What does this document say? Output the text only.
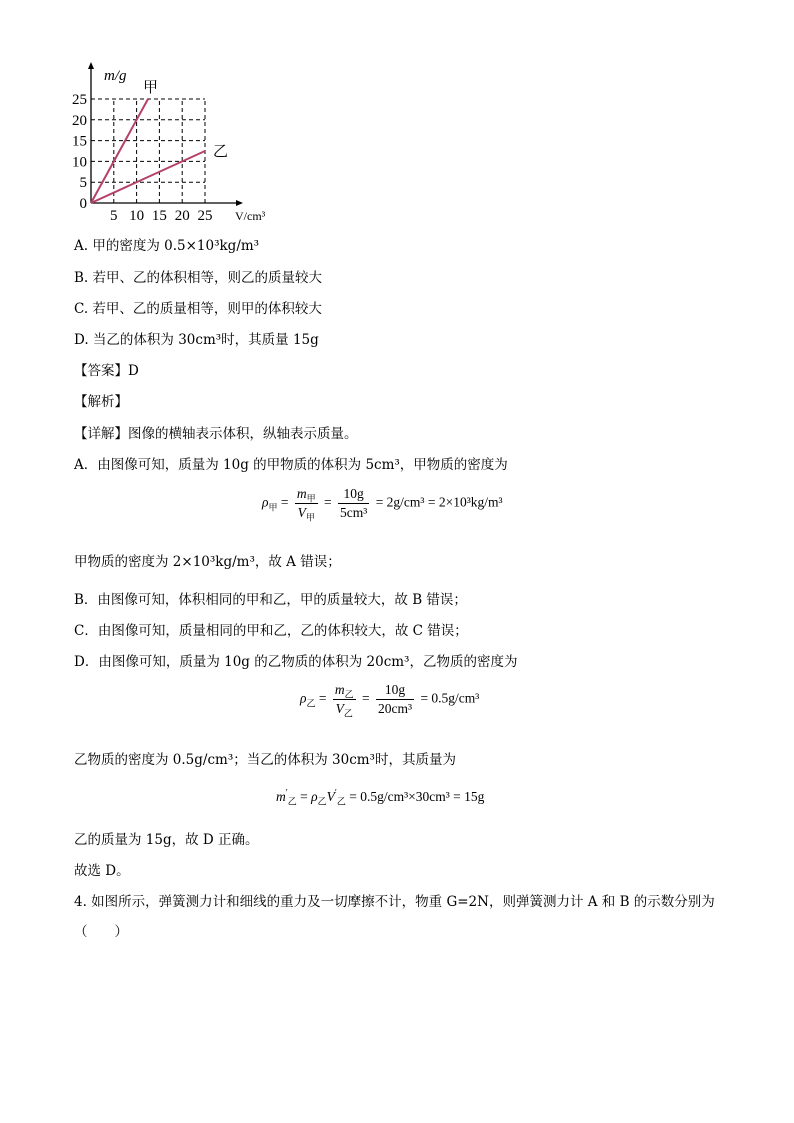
25
20
15
10
5
0
5 10 15 20 25
m/g
V/cm³
甲
乙
A. 甲的密度为 0.5×10³kg/m³
B. 若甲、乙的体积相等，则乙的质量较大
C. 若甲、乙的质量相等，则甲的体积较大
D. 当乙的体积为 30cm³时，其质量 15g
【答案】D
【解析】
【详解】图像的横轴表示体积，纵轴表示质量。
A．由图像可知，质量为 10g 的甲物质的体积为 5cm³，甲物质的密度为
$\rho_甲 = \frac{m_甲}{V_甲} = \frac{10g}{\text{5cm³}} = 2g/cm^3 = 2\times 10^3kg/m^3$
甲物质的密度为 2×10³kg/m³，故 A 错误；
B．由图像可知，体积相同的甲和乙，甲的质量较大，故 B 错误；
C．由图像可知，质量相同的甲和乙，乙的体积较大，故 C 错误；
D．由图像可知，质量为 10g 的乙物质的体积为 20cm³，乙物质的密度为
$\rho_乙 = \frac{m_乙}{V_乙} = \frac{10g}{\text{20cm³}} = 0.5g/cm^3$
乙物质的密度为 0.5g/cm³；当乙的体积为 30cm³时，其质量为
$m'_乙 = \rho_乙V'_乙 = 0.5g/cm^3\times 30cm^3 = 15g$
乙的质量为 15g，故 D 正确。
故选 D。
4. 如图所示，弹簧测力计和细线的重力及一切摩擦不计，物重 G=2N，则弹簧测力计 A 和 B 的示数分别为
（　　）
